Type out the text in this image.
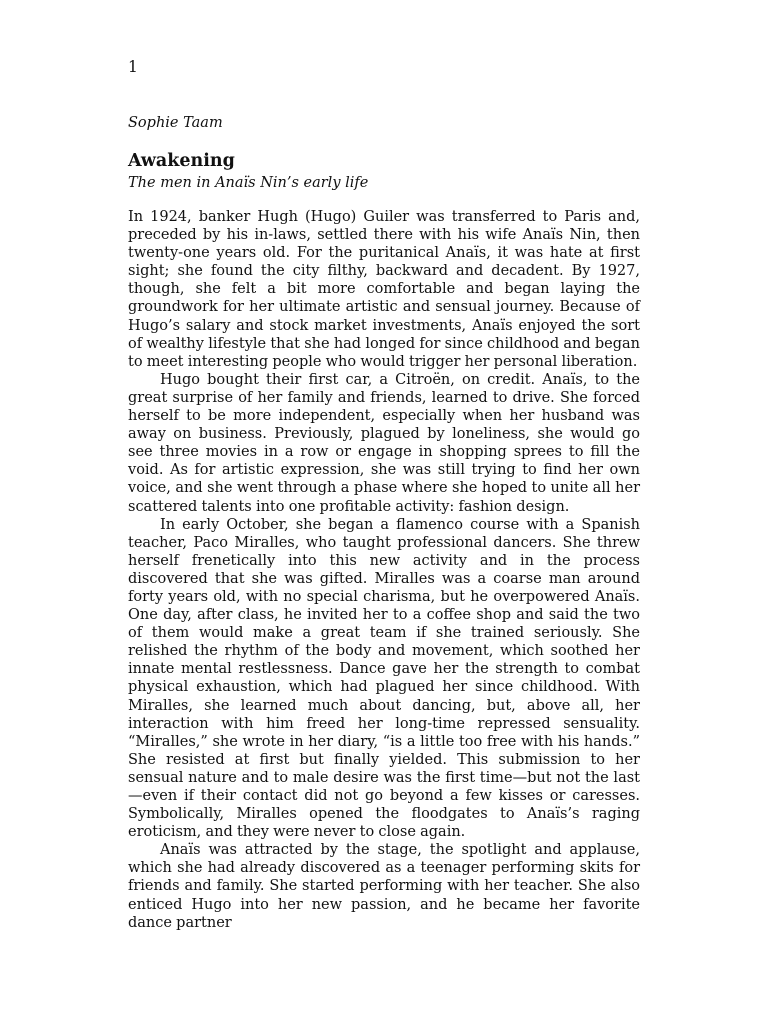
1
Sophie Taam
Awakening
The men in Anaïs Nin’s early life

In 1924, banker Hugh (Hugo) Guiler was transferred to Paris and, preceded by his in-laws, settled there with his wife Anaïs Nin, then twenty-one years old. For the puritanical Anaïs, it was hate at first sight; she found the city filthy, backward and decadent. By 1927, though, she felt a bit more comfortable and began laying the groundwork for her ultimate artistic and sensual journey. Because of Hugo’s salary and stock market investments, Anaïs enjoyed the sort of wealthy lifestyle that she had longed for since childhood and began to meet interesting people who would trigger her personal liberation.

Hugo bought their first car, a Citroën, on credit. Anaïs, to the great surprise of her family and friends, learned to drive. She forced herself to be more independent, especially when her husband was away on business. Previously, plagued by loneliness, she would go see three movies in a row or engage in shopping sprees to fill the void. As for artistic expression, she was still trying to find her own voice, and she went through a phase where she hoped to unite all her scattered talents into one profitable activity: fashion design.

In early October, she began a flamenco course with a Spanish teacher, Paco Miralles, who taught professional dancers. She threw herself frenetically into this new activity and in the process discovered that she was gifted. Miralles was a coarse man around forty years old, with no special charisma, but he overpowered Anaïs. One day, after class, he invited her to a coffee shop and said the two of them would make a great team if she trained seriously. She relished the rhythm of the body and movement, which soothed her innate mental restlessness. Dance gave her the strength to combat physical exhaustion, which had plagued her since childhood. With Miralles, she learned much about dancing, but, above all, her interaction with him freed her long-time repressed sensuality. “Miralles,” she wrote in her diary, “is a little too free with his hands.” She resisted at first but finally yielded. This submission to her sensual nature and to male desire was the first time—but not the last—even if their contact did not go beyond a few kisses or caresses. Symbolically, Miralles opened the floodgates to Anaïs’s raging eroticism, and they were never to close again.

Anaïs was attracted by the stage, the spotlight and applause, which she had already discovered as a teenager performing skits for friends and family. She started performing with her teacher. She also enticed Hugo into her new passion, and he became her favorite dance partner
